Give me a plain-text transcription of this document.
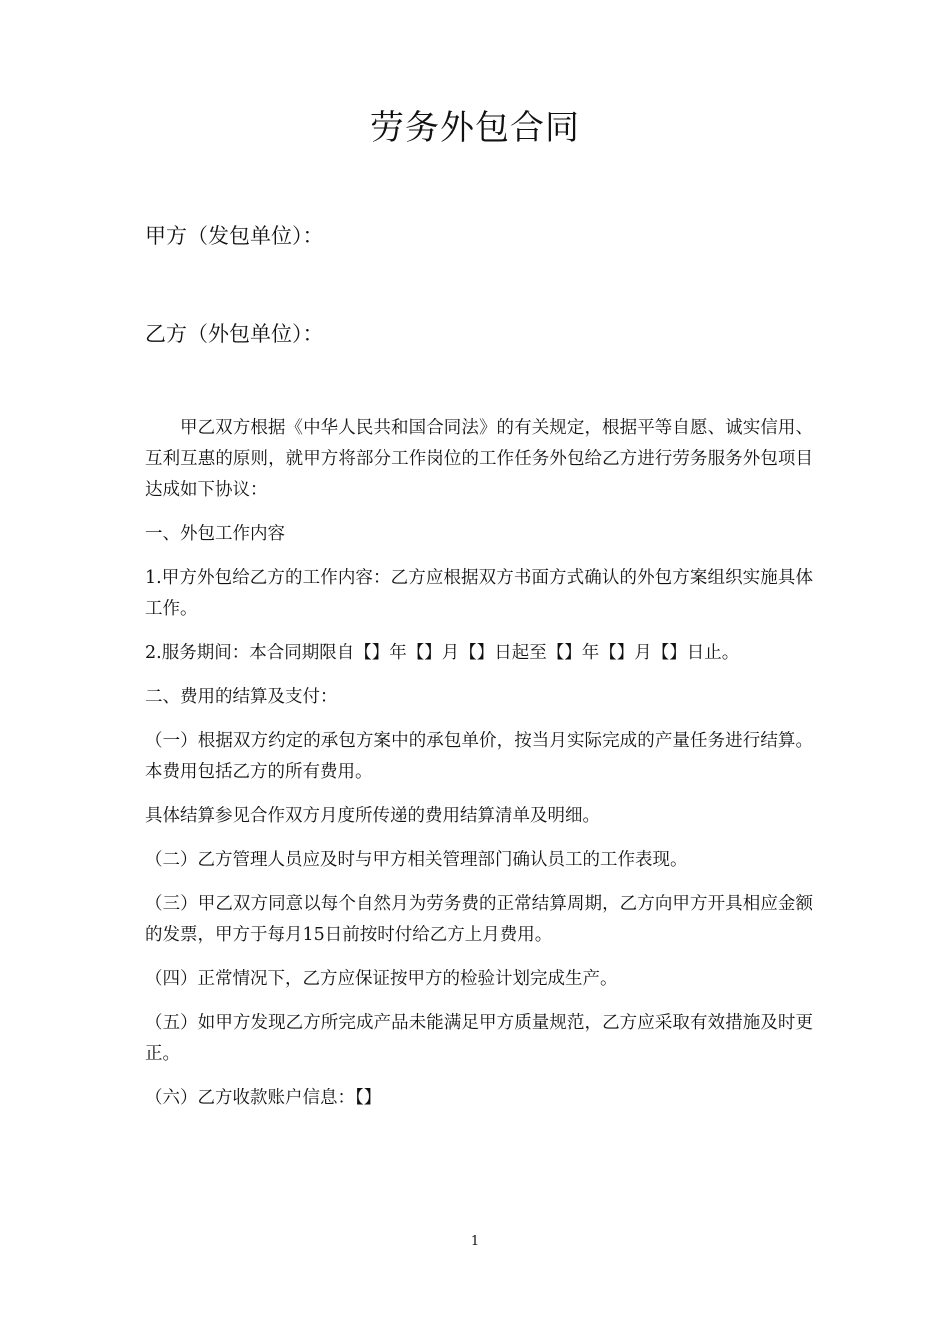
劳务外包合同
甲方（发包单位）：
乙方（外包单位）：

甲乙双方根据《中华人民共和国合同法》的有关规定，根据平等自愿、诚实信用、互利互惠的原则，就甲方将部分工作岗位的工作任务外包给乙方进行劳务服务外包项目达成如下协议：

一、外包工作内容

1.甲方外包给乙方的工作内容：乙方应根据双方书面方式确认的外包方案组织实施具体工作。

2.服务期间：本合同期限自【】年【】月【】日起至【】年【】月【】日止。

二、费用的结算及支付：

（一）根据双方约定的承包方案中的承包单价，按当月实际完成的产量任务进行结算。本费用包括乙方的所有费用。

具体结算参见合作双方月度所传递的费用结算清单及明细。

（二）乙方管理人员应及时与甲方相关管理部门确认员工的工作表现。

（三）甲乙双方同意以每个自然月为劳务费的正常结算周期，乙方向甲方开具相应金额的发票，甲方于每月15日前按时付给乙方上月费用。

（四）正常情况下，乙方应保证按甲方的检验计划完成生产。

（五）如甲方发现乙方所完成产品未能满足甲方质量规范，乙方应采取有效措施及时更正。

（六）乙方收款账户信息：【】

1
